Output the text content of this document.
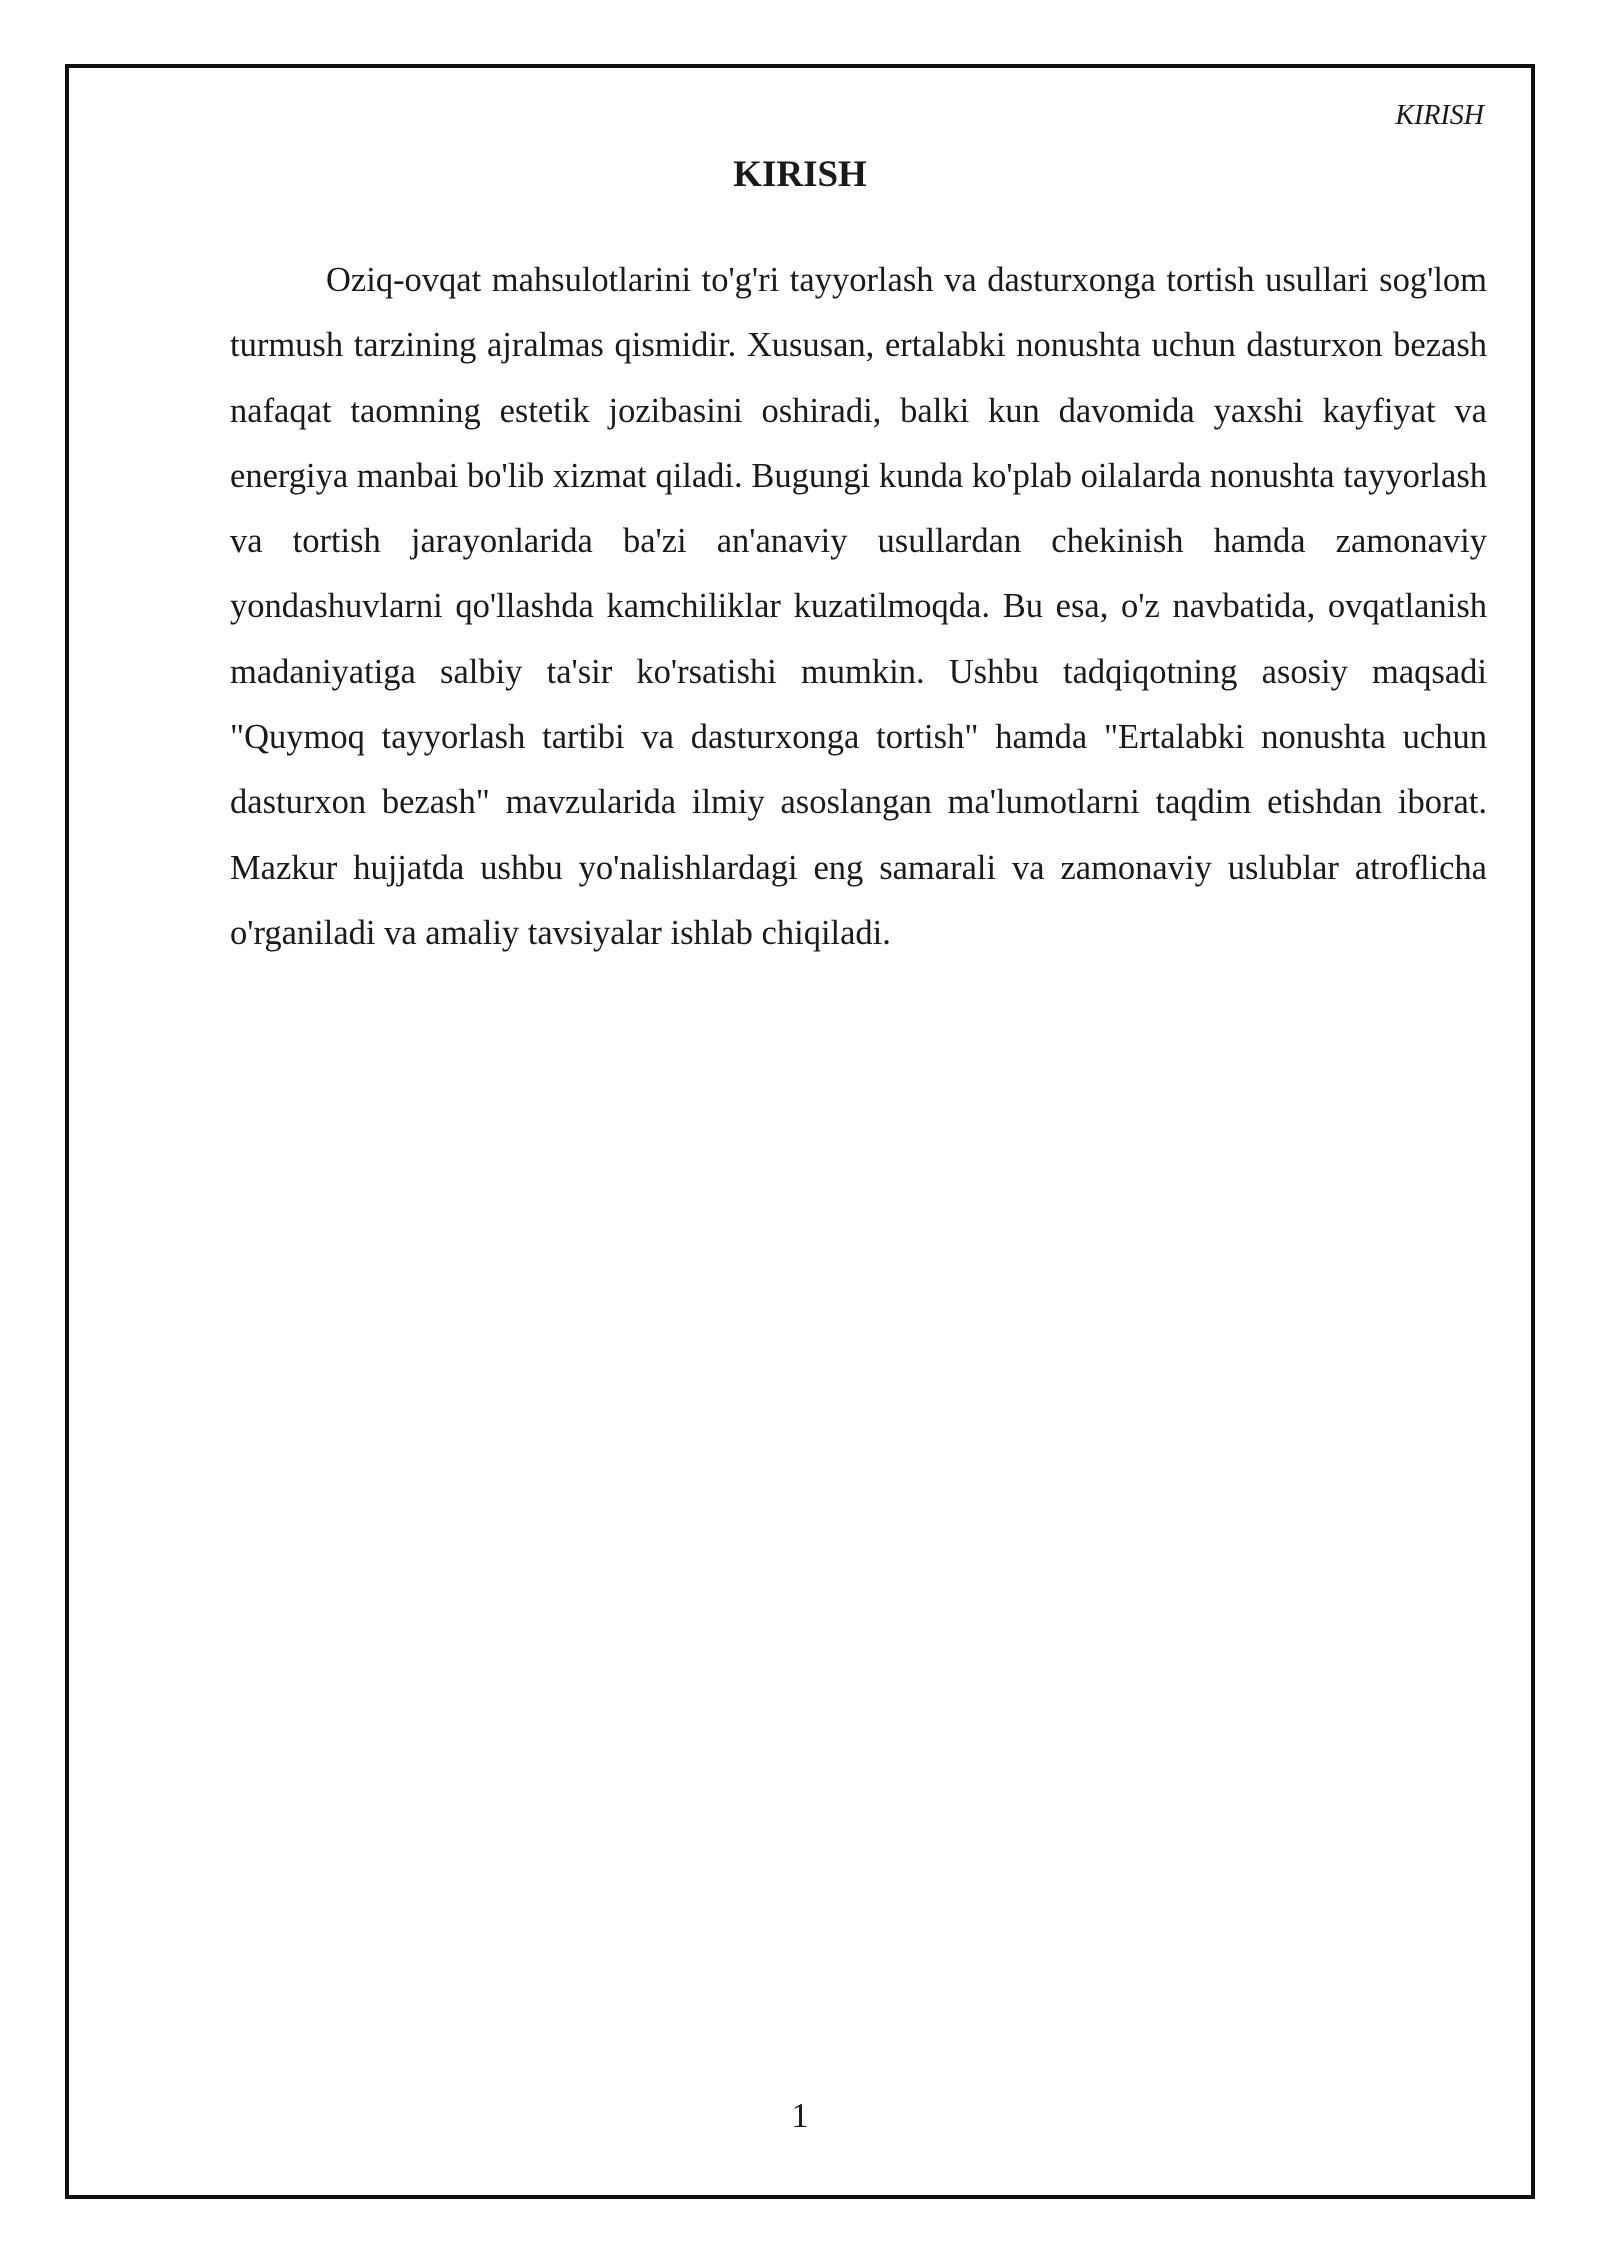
KIRISH
KIRISH

Oziq-ovqat mahsulotlarini to'g'ri tayyorlash va dasturxonga tortish usullari sog'lom turmush tarzining ajralmas qismidir. Xususan, ertalabki nonushta uchun dasturxon bezash nafaqat taomning estetik jozibasini oshiradi, balki kun davomida yaxshi kayfiyat va energiya manbai bo'lib xizmat qiladi. Bugungi kunda ko'plab oilalarda nonushta tayyorlash va tortish jarayonlarida ba'zi an'anaviy usullardan chekinish hamda zamonaviy yondashuvlarni qo'llashda kamchiliklar kuzatilmoqda. Bu esa, o'z navbatida, ovqatlanish madaniyatiga salbiy ta'sir ko'rsatishi mumkin. Ushbu tadqiqotning asosiy maqsadi "Quymoq tayyorlash tartibi va dasturxonga tortish" hamda "Ertalabki nonushta uchun dasturxon bezash" mavzularida ilmiy asoslangan ma'lumotlarni taqdim etishdan iborat. Mazkur hujjatda ushbu yo'nalishlardagi eng samarali va zamonaviy uslublar atroflicha o'rganiladi va amaliy tavsiyalar ishlab chiqiladi.

1
